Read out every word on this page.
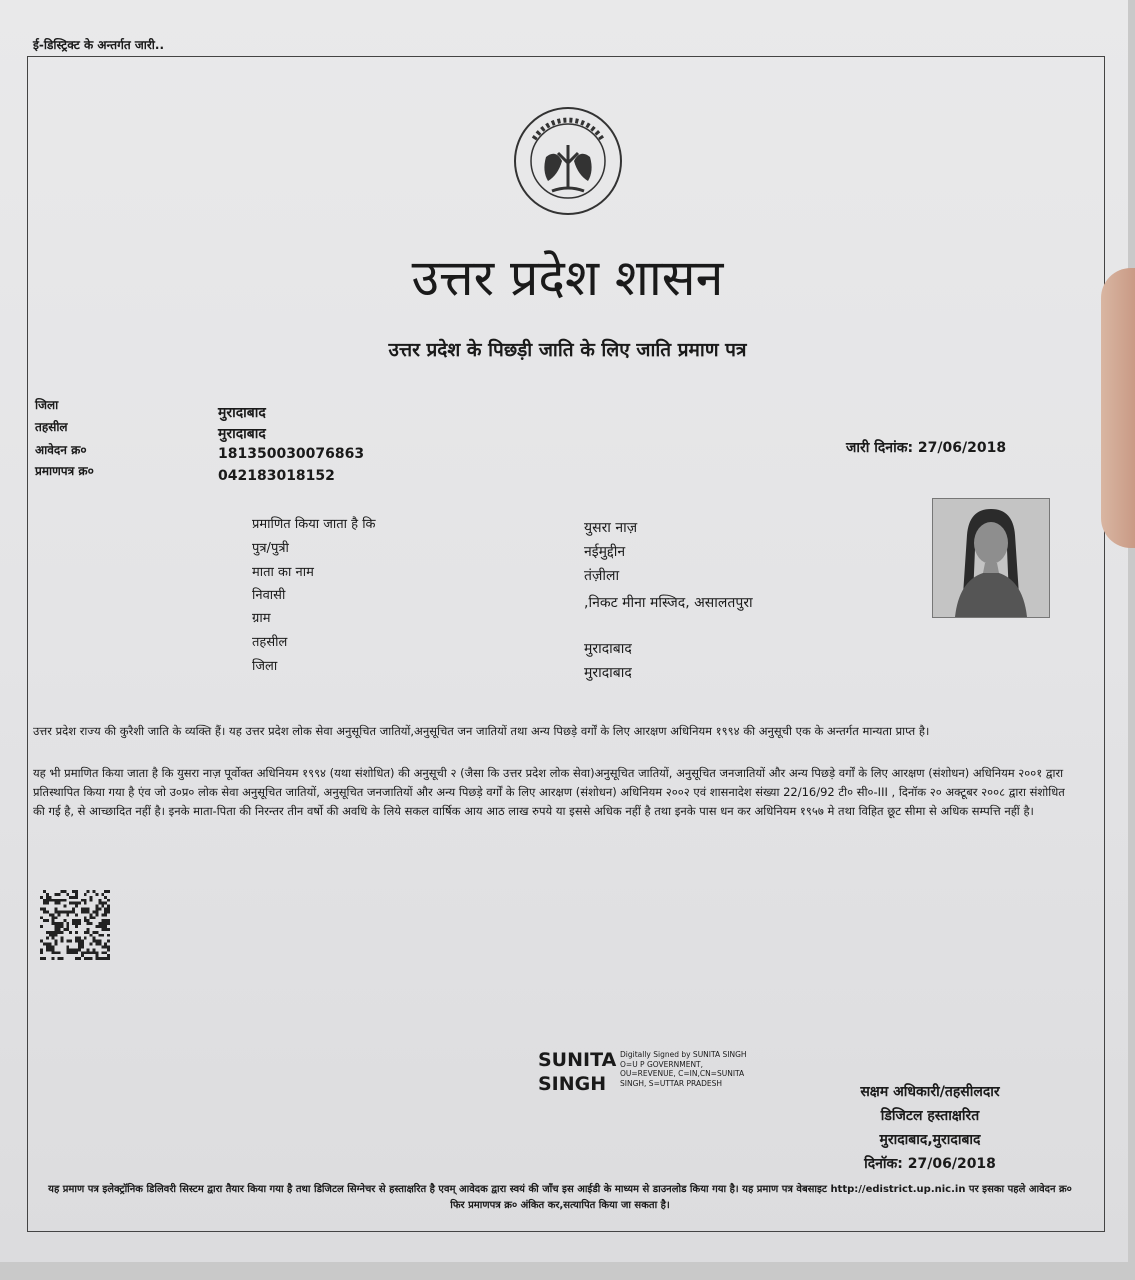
ई-डिस्ट्रिक्ट के अन्तर्गत जारी..
उत्तर प्रदेश शासन
उत्तर प्रदेश के पिछड़ी जाति के लिए जाति प्रमाण पत्र
जिला	मुरादाबाद
तहसील	मुरादाबाद
आवेदन क्र०	181350030076863
प्रमाणपत्र क्र०	042183018152
जारी दिनांक: 27/06/2018
प्रमाणित किया जाता है कि	युसरा नाज़
पुत्र/पुत्री	नईमुद्दीन
माता का नाम	तंज़ीला
निवासी	,निकट मीना मस्जिद, असालतपुरा
ग्राम
तहसील	मुरादाबाद
जिला	मुरादाबाद
उत्तर प्रदेश राज्य की कुरैशी जाति के व्यक्ति हैं। यह उत्तर प्रदेश लोक सेवा अनुसूचित जातियों,अनुसूचित जन जातियों तथा अन्य पिछड़े वर्गों के लिए आरक्षण अधिनियम १९९४ की अनुसूची एक के अन्तर्गत मान्यता प्राप्त है।
यह भी प्रमाणित किया जाता है कि युसरा नाज़ पूर्वोक्त अधिनियम १९९४ (यथा संशोधित) की अनुसूची २ (जैसा कि उत्तर प्रदेश लोक सेवा)अनुसूचित जातियों, अनुसूचित जनजातियों और अन्य पिछड़े वर्गों के लिए आरक्षण (संशोधन) अधिनियम २००१ द्वारा प्रतिस्थापित किया गया है एंव जो उ०प्र० लोक सेवा अनुसूचित जातियों, अनुसूचित जनजातियों और अन्य पिछड़े वर्गों के लिए आरक्षण (संशोधन) अधिनियम २००२ एवं शासनादेश संख्या 22/16/92 टी० सी०-III , दिनॉक २० अक्टूबर २००८ द्वारा संशोधित की गई है, से आच्छादित नहीं है। इनके माता-पिता की निरन्तर तीन वर्षो की अवधि के लिये सकल वार्षिक आय आठ लाख रुपये या इससे अधिक नहीं है तथा इनके पास धन कर अधिनियम १९५७ मे तथा विहित छूट सीमा से अधिक सम्पत्ति नहीं है।
SUNITA
SINGH
Digitally Signed by SUNITA SINGH
O=U P GOVERNMENT,
OU=REVENUE, C=IN,CN=SUNITA
SINGH, S=UTTAR PRADESH
सक्षम अधिकारी/तहसीलदार
डिजिटल हस्ताक्षरित
मुरादाबाद,मुरादाबाद
दिनॉक: 27/06/2018
यह प्रमाण पत्र इलेक्ट्रॉनिक डिलिवरी सिस्टम द्वारा तैयार किया गया है तथा डिजिटल सिग्नेचर से हस्ताक्षरित है एवम् आवेदक द्वारा स्वयं की जाँच इस आईडी के माध्यम से डाउनलोड किया गया है। यह प्रमाण पत्र वेबसाइट http://edistrict.up.nic.in पर इसका पहले आवेदन क्र० फिर प्रमाणपत्र क्र० अंकित कर,सत्यापित किया जा सकता है।
